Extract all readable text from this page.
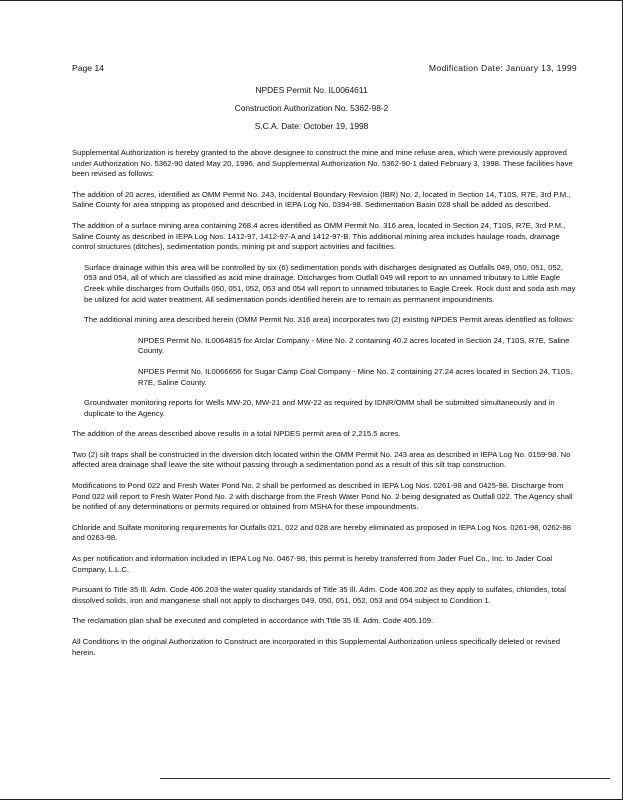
Page 14	Modification Date: January 13, 1999
NPDES Permit No. IL0064611
Construction Authorization No. 5362-98-2
S.C.A. Date: October 19, 1998

Supplemental Authorization is hereby granted to the above designee to construct the mine and mine refuse area, which were previously approved under Authorization No. 5362-90 dated May 20, 1996, and Supplemental Authorization No. 5362-90-1 dated February 3, 1998. These facilities have been revised as follows:

The addition of 20 acres, identified as OMM Permit No. 243, Incidental Boundary Revision (IBR) No. 2, located in Section 14, T10S, R7E, 3rd P.M., Saline County for area stripping as proposed and described in IEPA Log No. 0394-98. Sedimentation Basin 028 shall be added as described.

The addition of a surface mining area containing 268.4 acres identified as OMM Permit No. 316 area, located in Section 24, T10S, R7E, 3rd P.M., Saline County as described in IEPA Log Nos. 1412-97, 1412-97-A and 1412-97-B. This additional mining area includes haulage roads, drainage control structures (ditches), sedimentation ponds, mining pit and support activities and facilities.

Surface drainage within this area will be controlled by six (6) sedimentation ponds with discharges designated as Outfalls 049, 050, 051, 052, 053 and 054, all of which are classified as acid mine drainage. Discharges from Outfall 049 will report to an unnamed tributary to Little Eagle Creek while discharges from Outfalls 050, 051, 052, 053 and 054 will report to unnamed tributaries to Eagle Creek. Rock dust and soda ash may be utilized for acid water treatment. All sedimentation ponds identified herein are to remain as permanent impoundments.

The additional mining area described herein (OMM Permit No. 316 area) incorporates two (2) existing NPDES Permit areas identified as follows:

NPDES Permit No. IL0064815 for Arclar Company - Mine No. 2 containing 40.2 acres located in Section 24, T10S, R7E, Saline County.

NPDES Permit No. IL0066656 for Sugar Camp Coal Company - Mine No. 2 containing 27.24 acres located in Section 24, T10S, R7E, Saline County.

Groundwater monitoring reports for Wells MW-20, MW-21 and MW-22 as required by IDNR/OMM shall be submitted simultaneously and in duplicate to the Agency.

The addition of the areas described above results in a total NPDES permit area of 2,215.5 acres.

Two (2) silt traps shall be constructed in the diversion ditch located within the OMM Permit No. 243 area as described in IEPA Log No. 0159-98. No affected area drainage shall leave the site without passing through a sedimentation pond as a result of this silt trap construction.

Modifications to Pond 022 and Fresh Water Pond No. 2 shall be performed as described in IEPA Log Nos. 0261-98 and 0425-98. Discharge from Pond 022 will report to Fresh Water Pond No. 2 with discharge from the Fresh Water Pond No. 2 being designated as Outfall 022. The Agency shall be notified of any determinations or permits required or obtained from MSHA for these impoundments.

Chloride and Sulfate monitoring requirements for Outfalls 021, 022 and 028 are hereby eliminated as proposed in IEPA Log Nos. 0261-98, 0262-98 and 0263-98.

As per notification and information included in IEPA Log No. 0467-98, this permit is hereby transferred from Jader Fuel Co., Inc. to Jader Coal Company, L.L.C.

Pursuant to Title 35 Ill. Adm. Code 406.203 the water quality standards of Title 35 Ill. Adm. Code 406.202 as they apply to sulfates, chlorides, total dissolved solids, iron and manganese shall not apply to discharges 049, 050, 051, 052, 053 and 054 subject to Condition 1.

The reclamation plan shall be executed and completed in accordance with Title 35 Ill. Adm. Code 405.109.

All Conditions in the original Authorization to Construct are incorporated in this Supplemental Authorization unless specifically deleted or revised herein.
